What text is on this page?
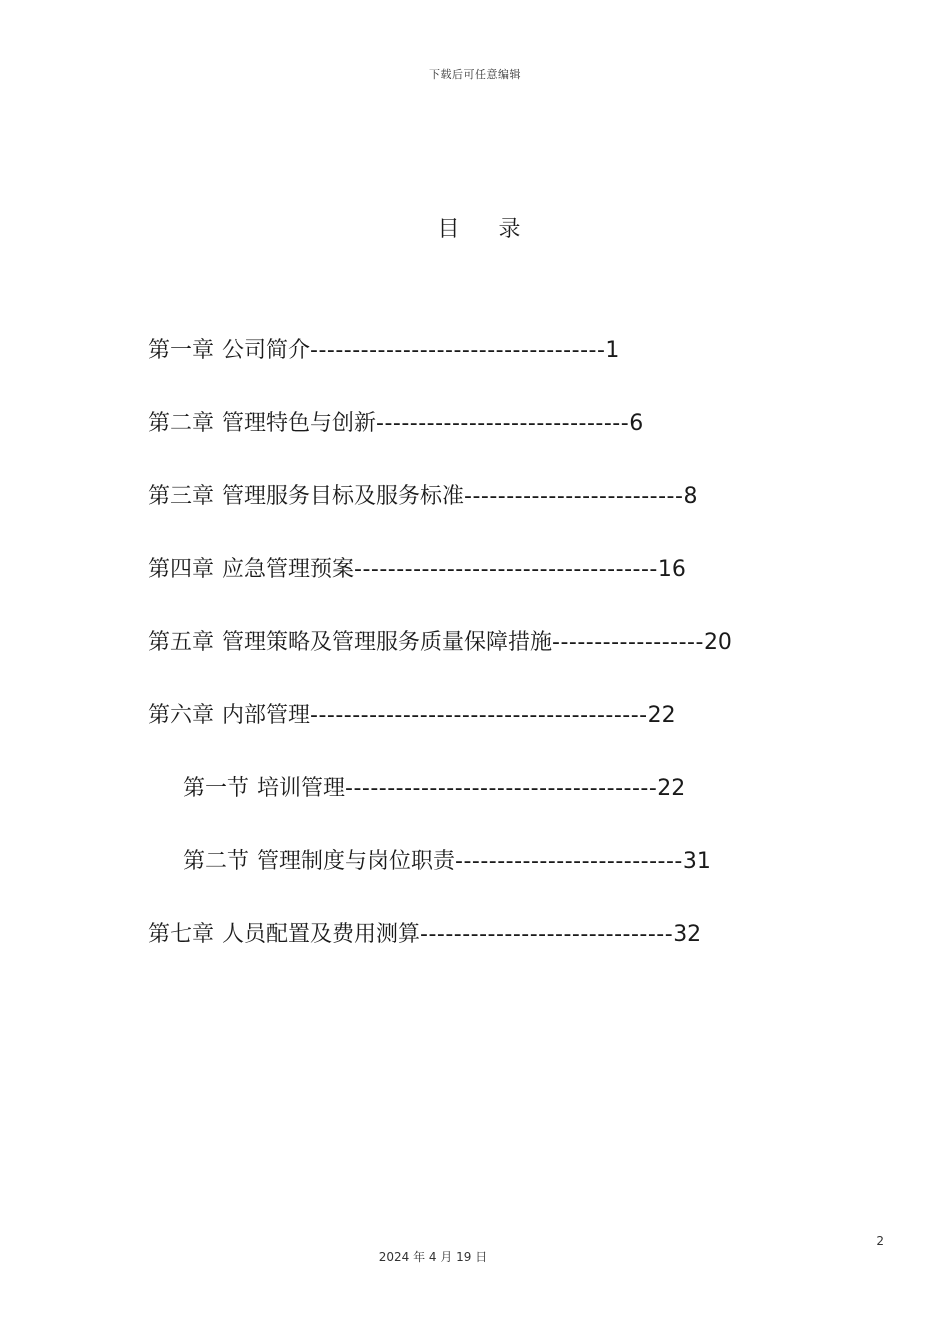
下载后可任意编辑
目 录
第一章 公司简介-----------------------------------1
第二章 管理特色与创新------------------------------6
第三章 管理服务目标及服务标准--------------------------8
第四章 应急管理预案------------------------------------16
第五章 管理策略及管理服务质量保障措施------------------20
第六章 内部管理----------------------------------------22
第一节 培训管理-------------------------------------22
第二节 管理制度与岗位职责---------------------------31
第七章 人员配置及费用测算------------------------------32
2
2024 年 4 月 19 日
